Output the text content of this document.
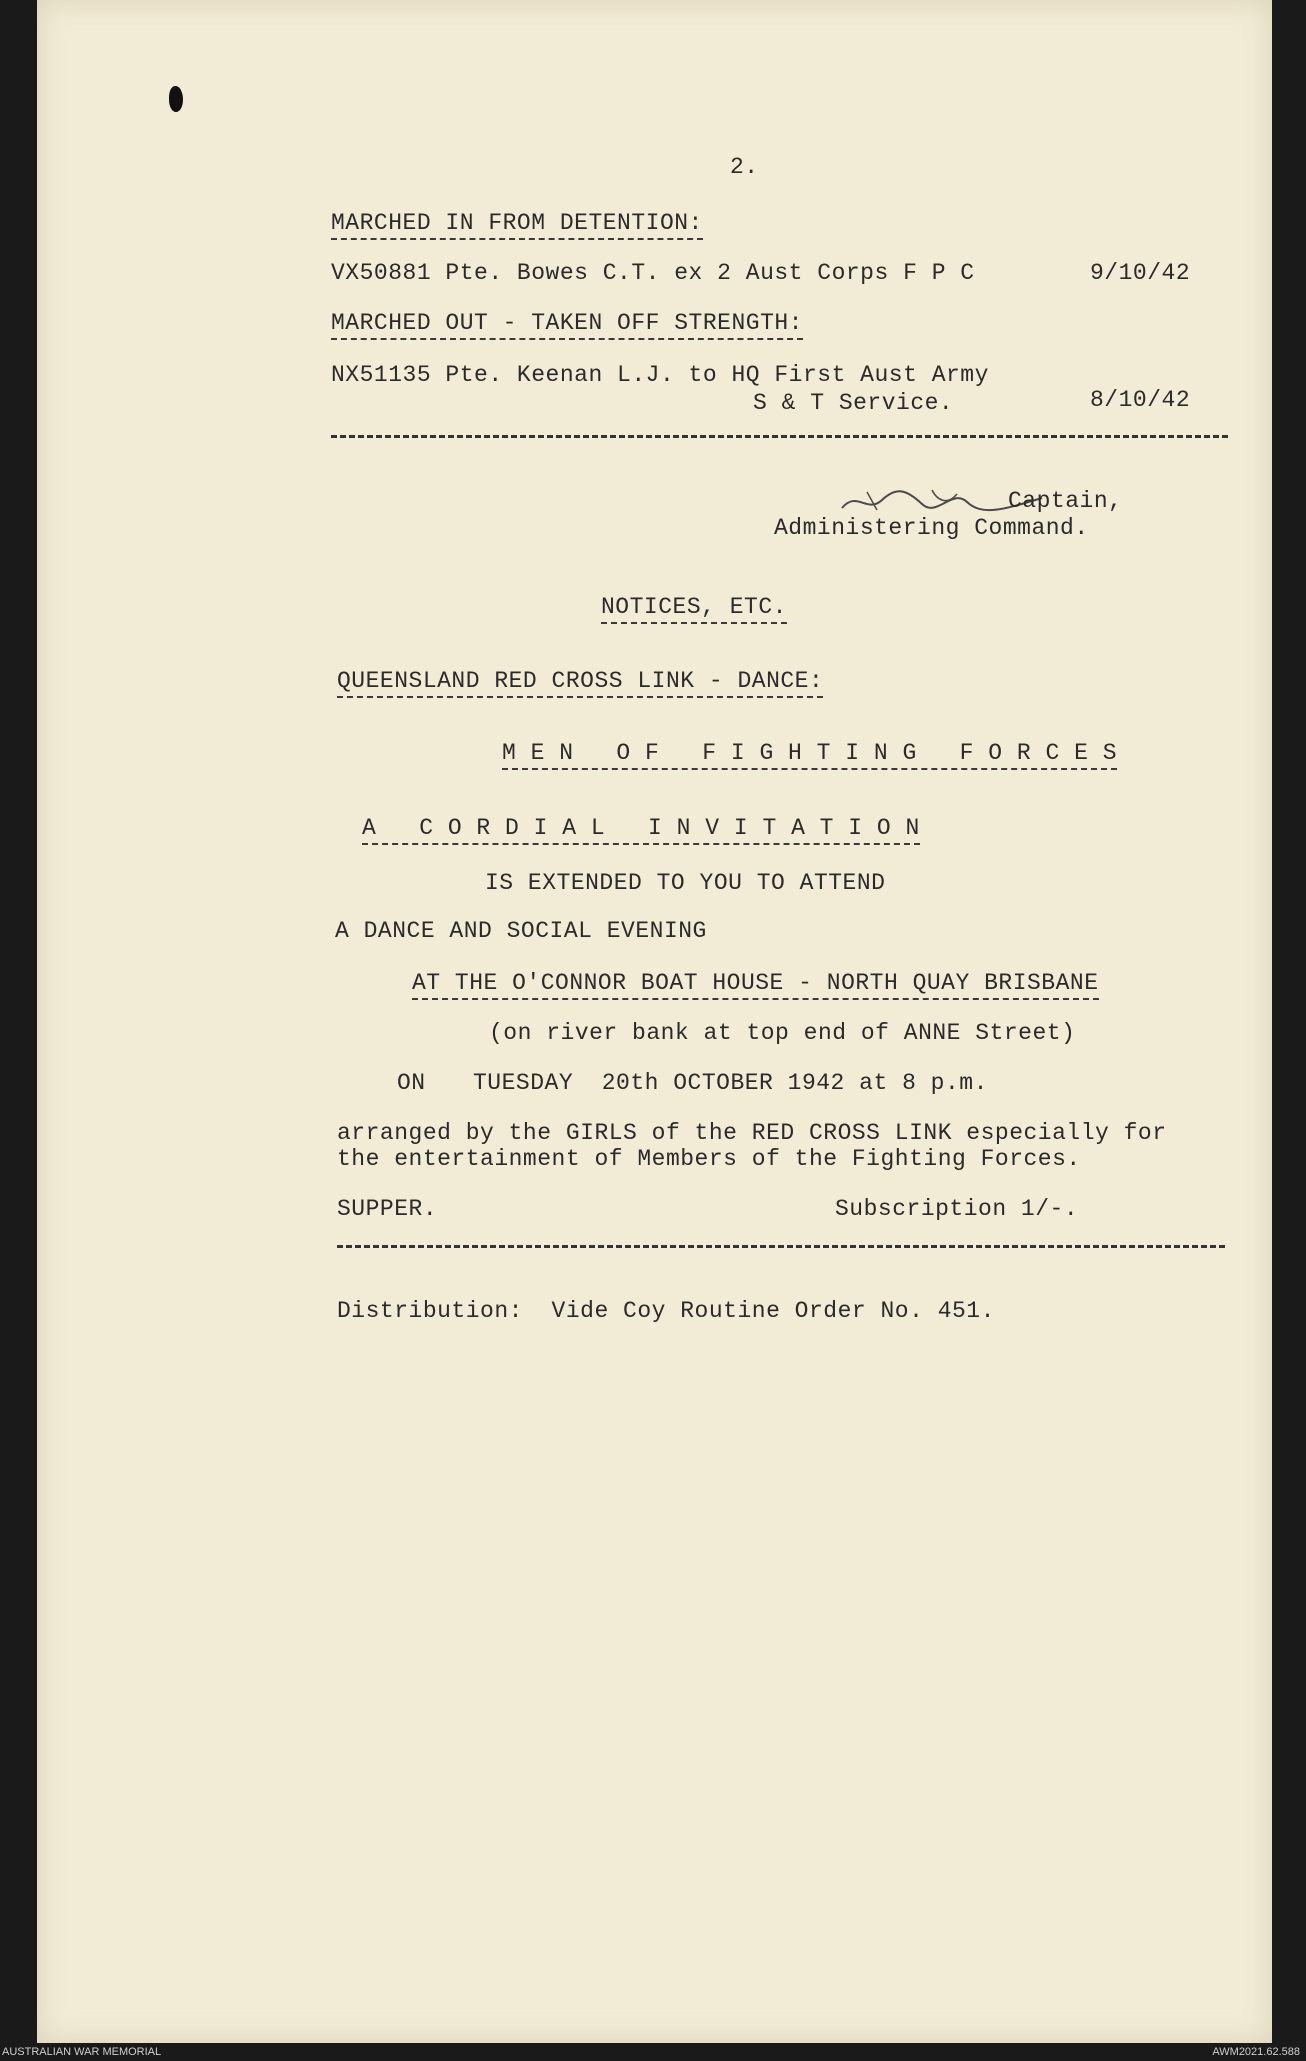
2.
MARCHED IN FROM DETENTION:
VX50881 Pte. Bowes C.T. ex 2 Aust Corps F P C	9/10/42
MARCHED OUT - TAKEN OFF STRENGTH:
NX51135 Pte. Keenan L.J. to HQ First Aust Army
S & T Service.	8/10/42
Captain,
Administering Command.
NOTICES, ETC.
QUEENSLAND RED CROSS LINK - DANCE:
M E N   O F   F I G H T I N G   F O R C E S
A   C O R D I A L   I N V I T A T I O N
IS EXTENDED TO YOU TO ATTEND
A DANCE AND SOCIAL EVENING
AT THE O'CONNOR BOAT HOUSE - NORTH QUAY BRISBANE
(on river bank at top end of ANNE Street)
ON TUESDAY  20th OCTOBER 1942 at 8 p.m.
arranged by the GIRLS of the RED CROSS LINK especially for
the entertainment of Members of the Fighting Forces.
SUPPER.	Subscription 1/-.
Distribution:  Vide Coy Routine Order No. 451.
AUSTRALIAN WAR MEMORIAL	AWM2021.62.588
